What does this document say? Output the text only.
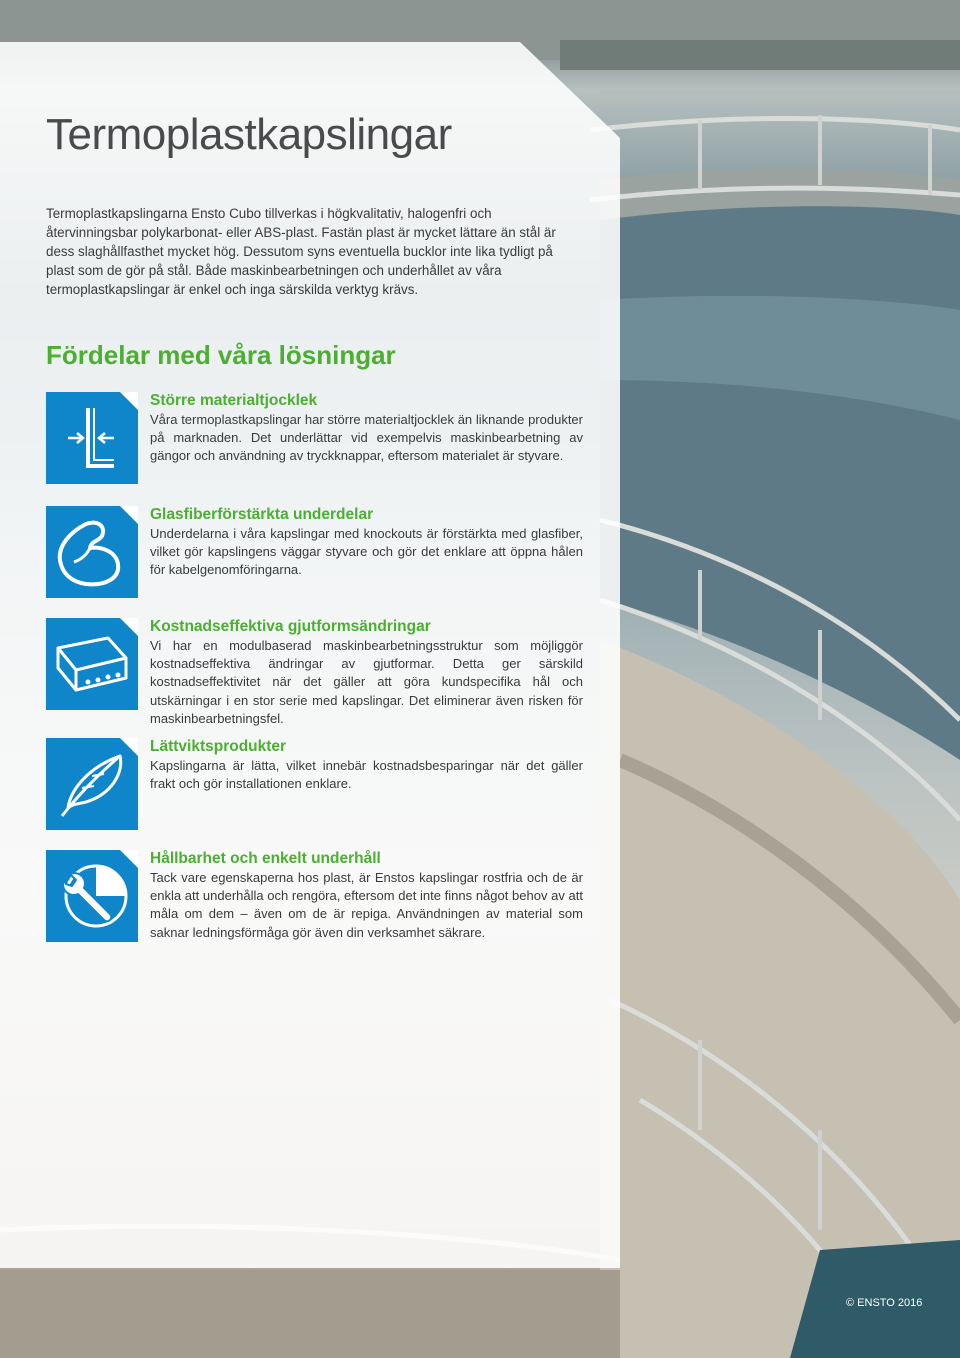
Termoplastkapslingar

Termoplastkapslingarna Ensto Cubo tillverkas i högkvalitativ, halogenfri och återvinningsbar polykarbonat- eller ABS-plast. Fastän plast är mycket lättare än stål är dess slaghållfasthet mycket hög. Dessutom syns eventuella bucklor inte lika tydligt på plast som de gör på stål. Både maskinbearbetningen och underhållet av våra termoplastkapslingar är enkel och inga särskilda verktyg krävs.

Fördelar med våra lösningar
Större materialtjocklek
Våra termoplastkapslingar har större materialtjocklek än liknande produkter på marknaden. Det underlättar vid exempelvis maskinbearbetning av gängor och användning av tryckknappar, eftersom materialet är styvare.
Glasfiberförstärkta underdelar
Underdelarna i våra kapslingar med knockouts är förstärkta med glasfiber, vilket gör kapslingens väggar styvare och gör det enklare att öppna hålen för kabelgenomföringarna.
Kostnadseffektiva gjutformsändringar
Vi har en modulbaserad maskinbearbetningsstruktur som möjliggör kostnadseffektiva ändringar av gjutformar. Detta ger särskild kostnadseffektivitet när det gäller att göra kundspecifika hål och utskärningar i en stor serie med kapslingar. Det eliminerar även risken för maskinbearbetningsfel.
Lättviktsprodukter
Kapslingarna är lätta, vilket innebär kostnadsbesparingar när det gäller frakt och gör installationen enklare.
Hållbarhet och enkelt underhåll
Tack vare egenskaperna hos plast, är Enstos kapslingar rostfria och de är enkla att underhålla och rengöra, eftersom det inte finns något behov av att måla om dem – även om de är repiga. Användningen av material som saknar ledningsförmåga gör även din verksamhet säkrare.
© ENSTO 2016
